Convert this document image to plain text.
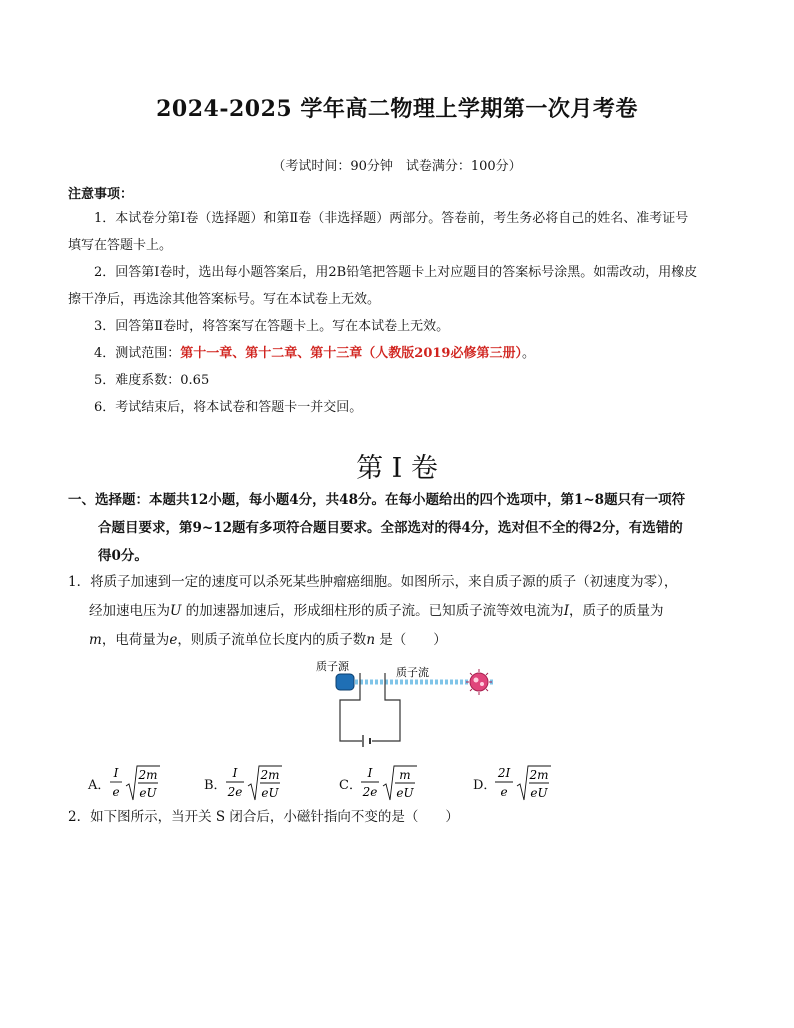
2024-2025 学年高二物理上学期第一次月考卷
（考试时间：90分钟　试卷满分：100分）
注意事项：
1．本试卷分第Ⅰ卷（选择题）和第Ⅱ卷（非选择题）两部分。答卷前，考生务必将自己的姓名、准考证号
填写在答题卡上。
2．回答第Ⅰ卷时，选出每小题答案后，用2B铅笔把答题卡上对应题目的答案标号涂黑。如需改动，用橡皮
擦干净后，再选涂其他答案标号。写在本试卷上无效。
3．回答第Ⅱ卷时，将答案写在答题卡上。写在本试卷上无效。
4．测试范围：第十一章、第十二章、第十三章（人教版2019必修第三册）。
5．难度系数：0.65
6．考试结束后，将本试卷和答题卡一并交回。
第 I 卷
一、选择题：本题共12小题，每小题4分，共48分。在每小题给出的四个选项中，第1~8题只有一项符
合题目要求，第9~12题有多项符合题目要求。全部选对的得4分，选对但不全的得2分，有选错的
得0分。
1．将质子加速到一定的速度可以杀死某些肿瘤癌细胞。如图所示，来自质子源的质子（初速度为零），
经加速电压为U 的加速器加速后，形成细柱形的质子流。已知质子流等效电流为I，质子的质量为
m，电荷量为e，则质子流单位长度内的质子数n 是（　　）
质子源	质子流
A．
I
e
2m
eU	B．
I
2e
2m
eU	C．
I
2e
m
eU	D．
2I
e
2m
eU
2．如下图所示，当开关 S 闭合后，小磁针指向不变的是（　　）
